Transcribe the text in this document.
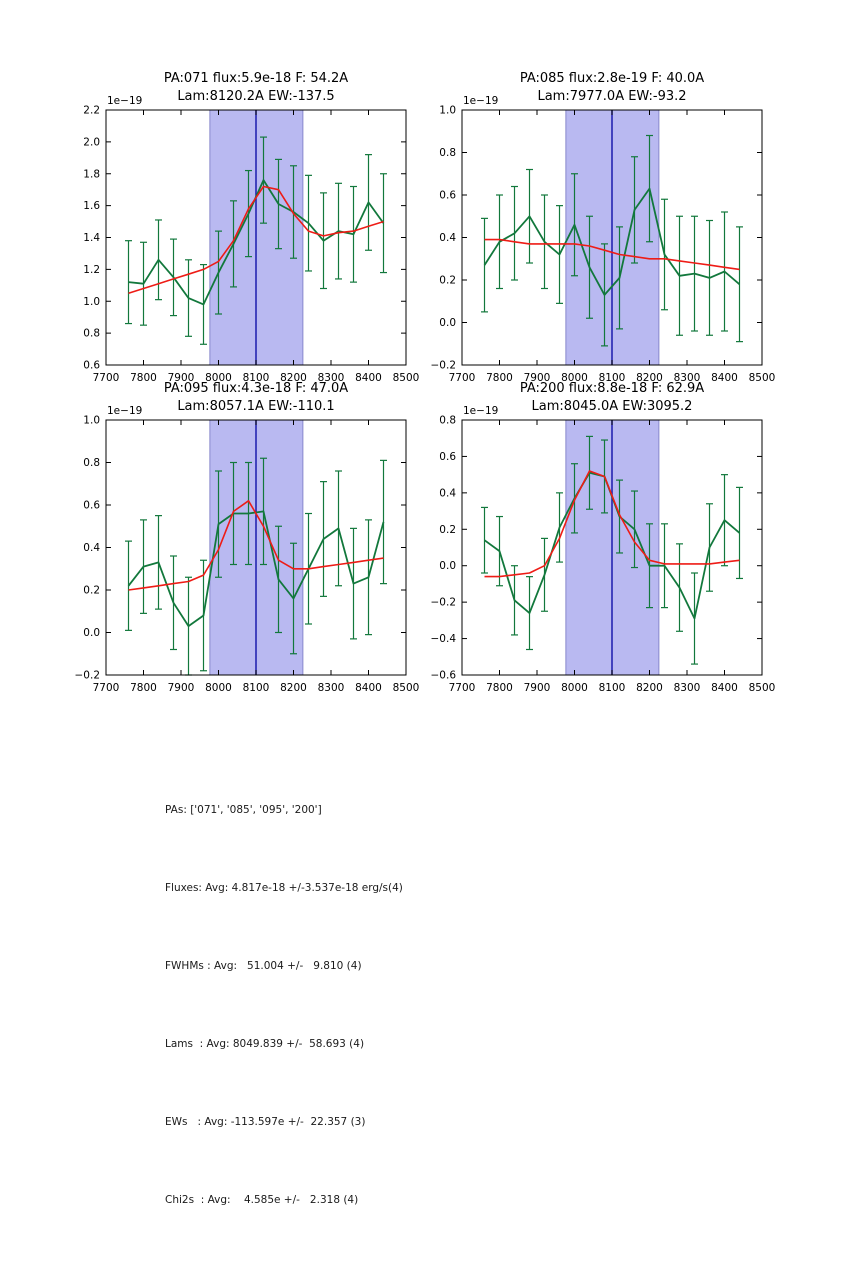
PA:071 flux:5.9e-18 F: 54.2A
Lam:8120.2A EW:-137.5
PA:085 flux:2.8e-19 F: 40.0A
Lam:7977.0A EW:-93.2
PA:095 flux:4.3e-18 F: 47.0A
Lam:8057.1A EW:-110.1
PA:200 flux:8.8e-18 F: 62.9A
Lam:8045.0A EW:3095.2
7700 7800 7900 8000 8100 8200 8300 8400 8500
0.6
0.8
1.0
1.2
1.4
1.6
1.8
2.0
2.2
1e−19
7700 7800 7900 8000 8100 8200 8300 8400 8500
−0.2
0.0
0.2
0.4
0.6
0.8
1.0
1e−19
7700 7800 7900 8000 8100 8200 8300 8400 8500
−0.2
0.0
0.2
0.4
0.6
0.8
1.0
1e−19
7700 7800 7900 8000 8100 8200 8300 8400 8500
−0.6
−0.4
−0.2
0.0
0.2
0.4
0.6
0.8
1e−19

PAs: ['071', '085', '095', '200']

Fluxes: Avg: 4.817e-18 +/-3.537e-18 erg/s(4)

FWHMs : Avg:   51.004 +/-   9.810 (4)

Lams  : Avg: 8049.839 +/-  58.693 (4)

EWs   : Avg: -113.597e +/-  22.357 (3)

Chi2s  : Avg:    4.585e +/-   2.318 (4)
